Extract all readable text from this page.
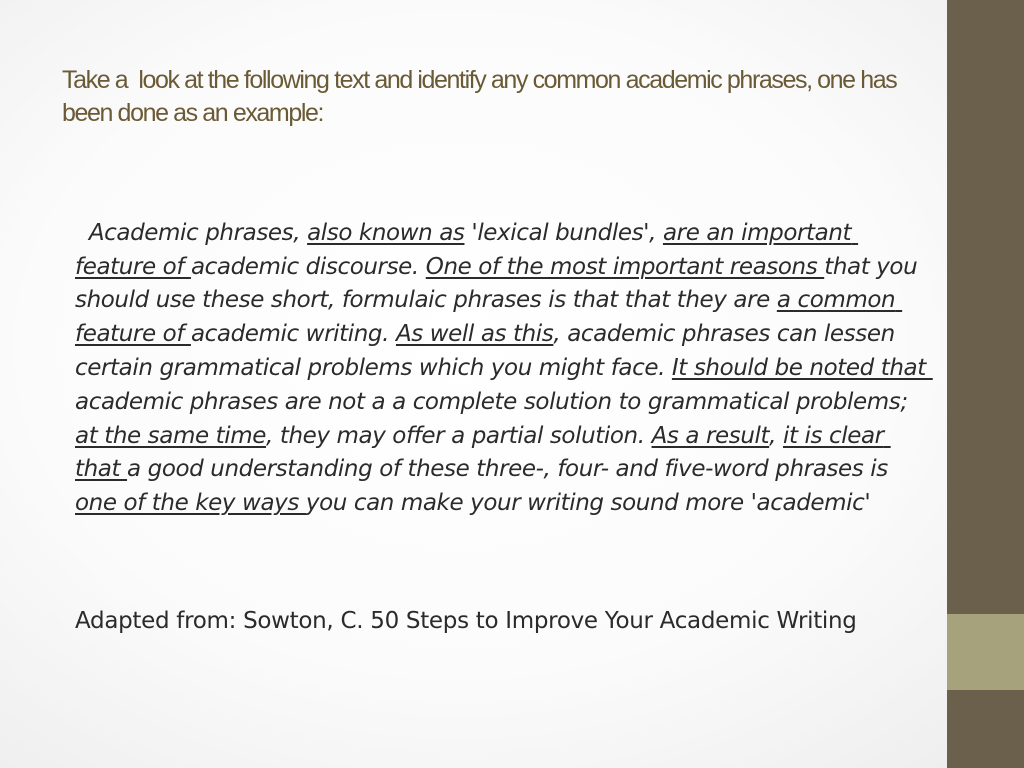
Take a  look at the following text and identify any common academic phrases, one has been done as an example:

Academic phrases, also known as 'lexical bundles', are an important feature of academic discourse. One of the most important reasons that you should use these short, formulaic phrases is that that they are a common feature of academic writing. As well as this, academic phrases can lessen certain grammatical problems which you might face. It should be noted that academic phrases are not a a complete solution to grammatical problems; at the same time, they may offer a partial solution. As a result, it is clear that a good understanding of these three-, four- and five-word phrases is one of the key ways you can make your writing sound more 'academic'

Adapted from: Sowton, C. 50 Steps to Improve Your Academic Writing
